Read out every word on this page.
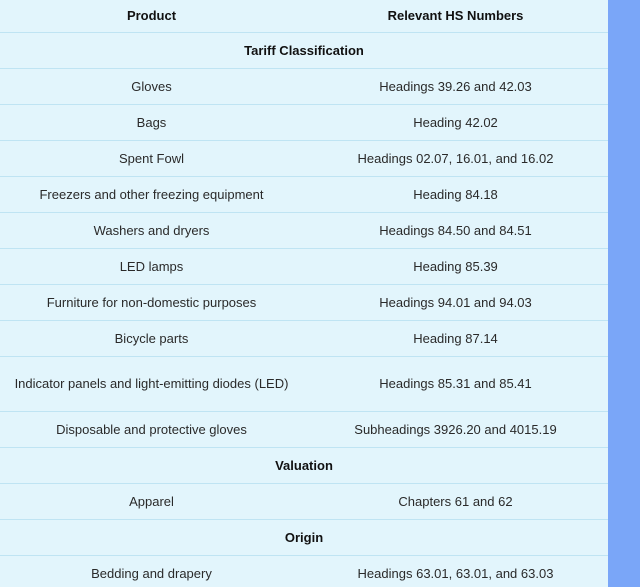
Product	Relevant HS Numbers
Tariff Classification	
Gloves	Headings 39.26 and 42.03
Bags	Heading 42.02
Spent Fowl	Headings 02.07, 16.01, and 16.02
Freezers and other freezing equipment	Heading 84.18
Washers and dryers	Headings 84.50 and 84.51
LED lamps	Heading 85.39
Furniture for non-domestic purposes	Headings 94.01 and 94.03
Bicycle parts	Heading 87.14
Indicator panels and light-emitting diodes (LED)	Headings 85.31 and 85.41
Disposable and protective gloves	Subheadings 3926.20 and 4015.19
Valuation	
Apparel	Chapters 61 and 62
Origin	
Bedding and drapery	Headings 63.01, 63.01, and 63.03
